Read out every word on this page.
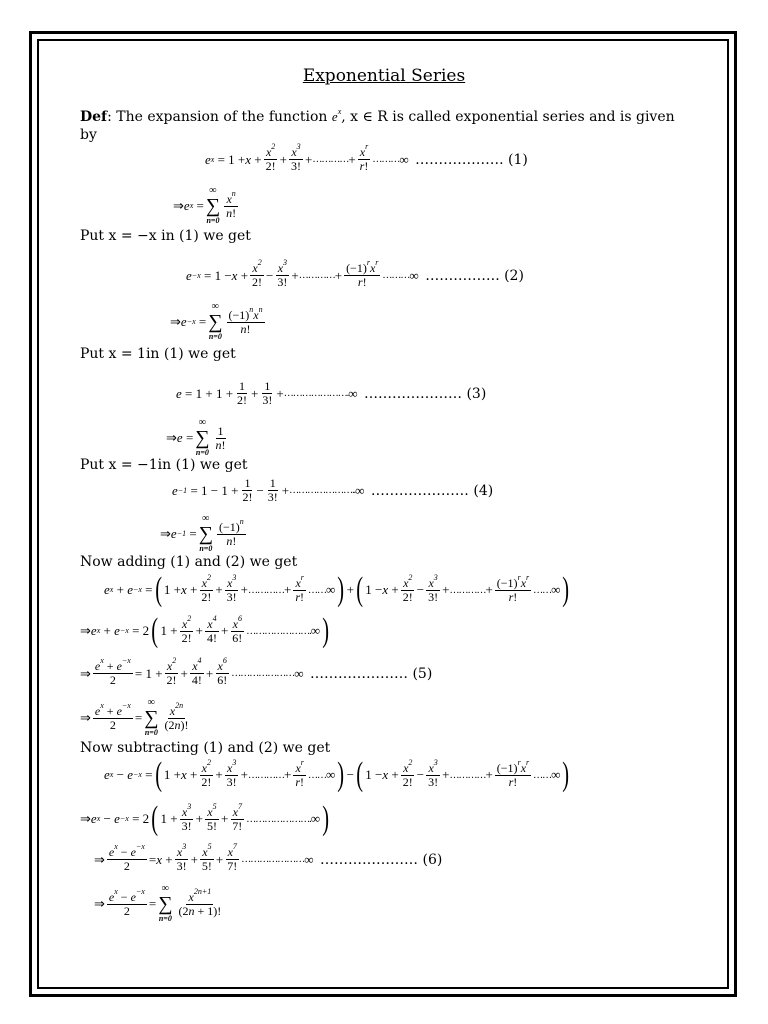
Exponential Series
Def: The expansion of the function $e^x$, x ∈ R is called exponential series and is given
by
e x
= $1 + x + \frac{x^2}{2!} + \frac{x^3}{3!}$ + ………… + $\frac{x^r}{r!}$ ……… ∞
………………. (1)
⇒ e x
=
∞
∑
n=0
$\frac{x^n}{n!}$
Put x = −x in (1) we get
e −x
= $1 - x + \frac{x^2}{2!} - \frac{x^3}{3!}$ + ………… + $\frac{(-1)^rx^r}{r!}$ ……… ∞
……………. (2)
⇒ e −x
=
∞
∑
n=0
$\frac{(-1)^nx^n}{n!}$
Put x = 1in (1) we get
$e = 1 + 1 + \frac{1}{2!} + \frac{1}{3!}$ + …………………. ∞
………………… (3)
⇒ e =
∞
∑
n=0
$\frac{1}{n!}$
Put x = −1in (1) we get
e −1
= $1 - 1 + \frac{1}{2!} - \frac{1}{3!}$ + ………………….. ∞
………………… (4)
⇒ e −1
=
∞
∑
n=0
$\frac{(-1)^n}{n!}$
Now adding (1) and (2) we get
e x + e −x = ( $1 + x + \frac{x^2}{2!} + \frac{x^3}{3!}$ + ………… + $\frac{x^r}{r!}$ …… ∞ ) + ( $1 - x + \frac{x^2}{2!} - \frac{x^3}{3!}$ + ………… + $\frac{(-1)^rx^r}{r!}$ …… ∞ )
⇒ e x + e −x = 2 ( $1 + \frac{x^2}{2!} + \frac{x^4}{4!} + \frac{x^6}{6!}$ …………………. ∞ )
⇒ $\frac{e^x + e^{-x}}{2} = 1 + \frac{x^2}{2!} + \frac{x^4}{4!} + \frac{x^6}{6!}$ ………………… ∞
………………… (5)
⇒ $\frac{e^x + e^{-x}}{2}$ =
∞
∑
n=0
$\frac{x^{2n}}{(2n)!}$
Now subtracting (1) and (2) we get
e x − e −x = ( $1 + x + \frac{x^2}{2!} + \frac{x^3}{3!}$ + ………… + $\frac{x^r}{r!}$ …… ∞ ) − ( $1 - x + \frac{x^2}{2!} - \frac{x^3}{3!}$ + ………… + $\frac{(-1)^rx^r}{r!}$ …… ∞ )
⇒ e x − e −x = 2 ( $1 + \frac{x^3}{3!} + \frac{x^5}{5!} + \frac{x^7}{7!}$ …………………. ∞ )
⇒ $\frac{e^x - e^{-x}}{2} = x + \frac{x^3}{3!} + \frac{x^5}{5!} + \frac{x^7}{7!}$ ………………… ∞
………………… (6)
⇒ $\frac{e^x - e^{-x}}{2}$ =
∞
∑
n=0
$\frac{x^{2n+1}}{(2n + 1)!}$
